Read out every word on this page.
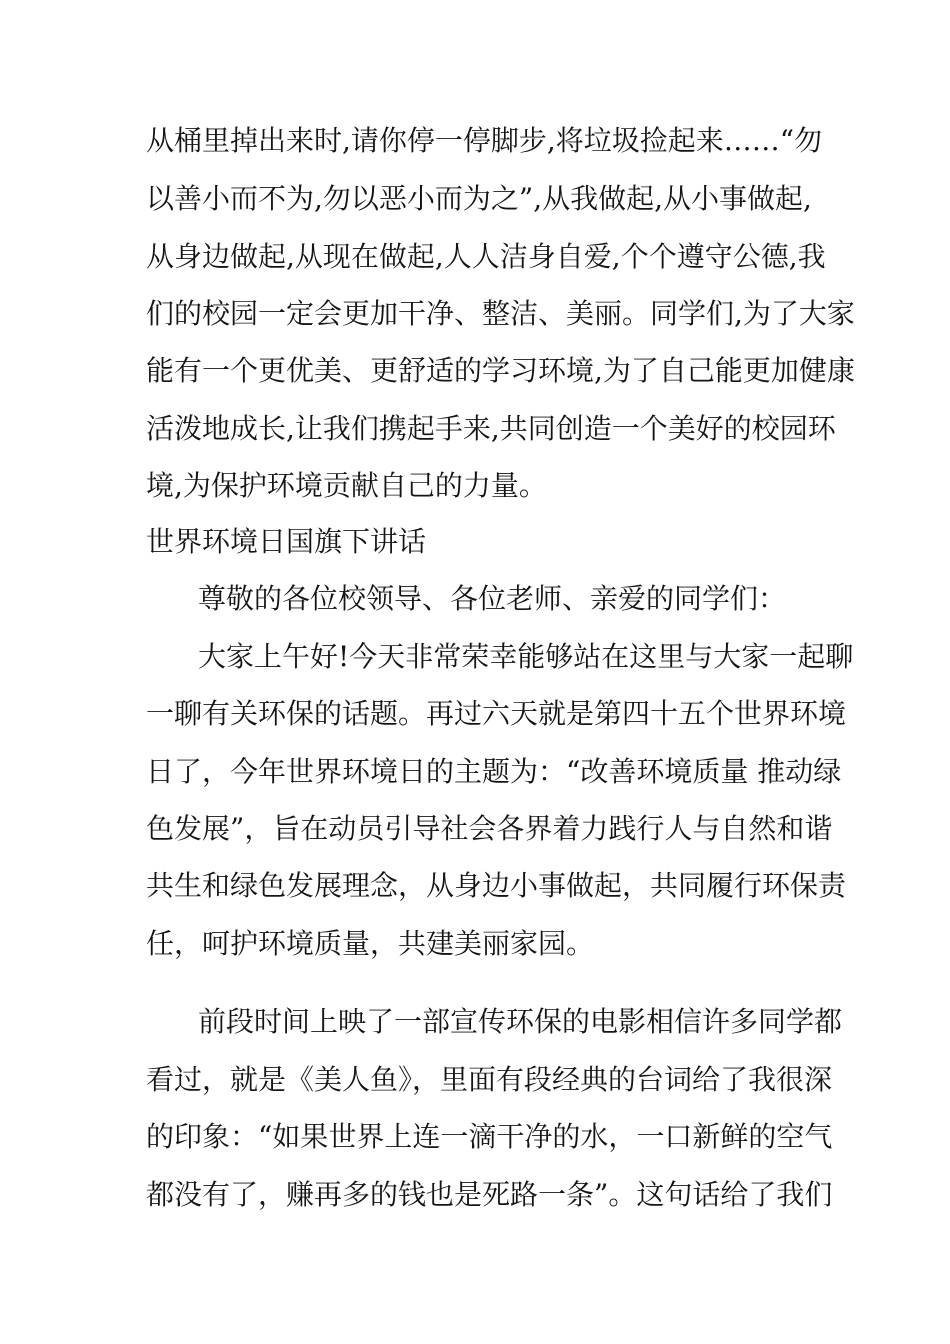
从桶里掉出来时,请你停一停脚步,将垃圾捡起来……“勿
以善小而不为,勿以恶小而为之”,从我做起,从小事做起,
从身边做起,从现在做起,人人洁身自爱,个个遵守公德,我
们的校园一定会更加干净、整洁、美丽。同学们,为了大家
能有一个更优美、更舒适的学习环境,为了自己能更加健康
活泼地成长,让我们携起手来,共同创造一个美好的校园环
境,为保护环境贡献自己的力量。
世界环境日国旗下讲话
尊敬的各位校领导、各位老师、亲爱的同学们：
大家上午好!今天非常荣幸能够站在这里与大家一起聊
一聊有关环保的话题。再过六天就是第四十五个世界环境
日了，今年世界环境日的主题为：“改善环境质量 推动绿
色发展”，旨在动员引导社会各界着力践行人与自然和谐
共生和绿色发展理念，从身边小事做起，共同履行环保责
任，呵护环境质量，共建美丽家园。
前段时间上映了一部宣传环保的电影相信许多同学都
看过，就是《美人鱼》，里面有段经典的台词给了我很深
的印象：“如果世界上连一滴干净的水，一口新鲜的空气
都没有了，赚再多的钱也是死路一条”。这句话给了我们
